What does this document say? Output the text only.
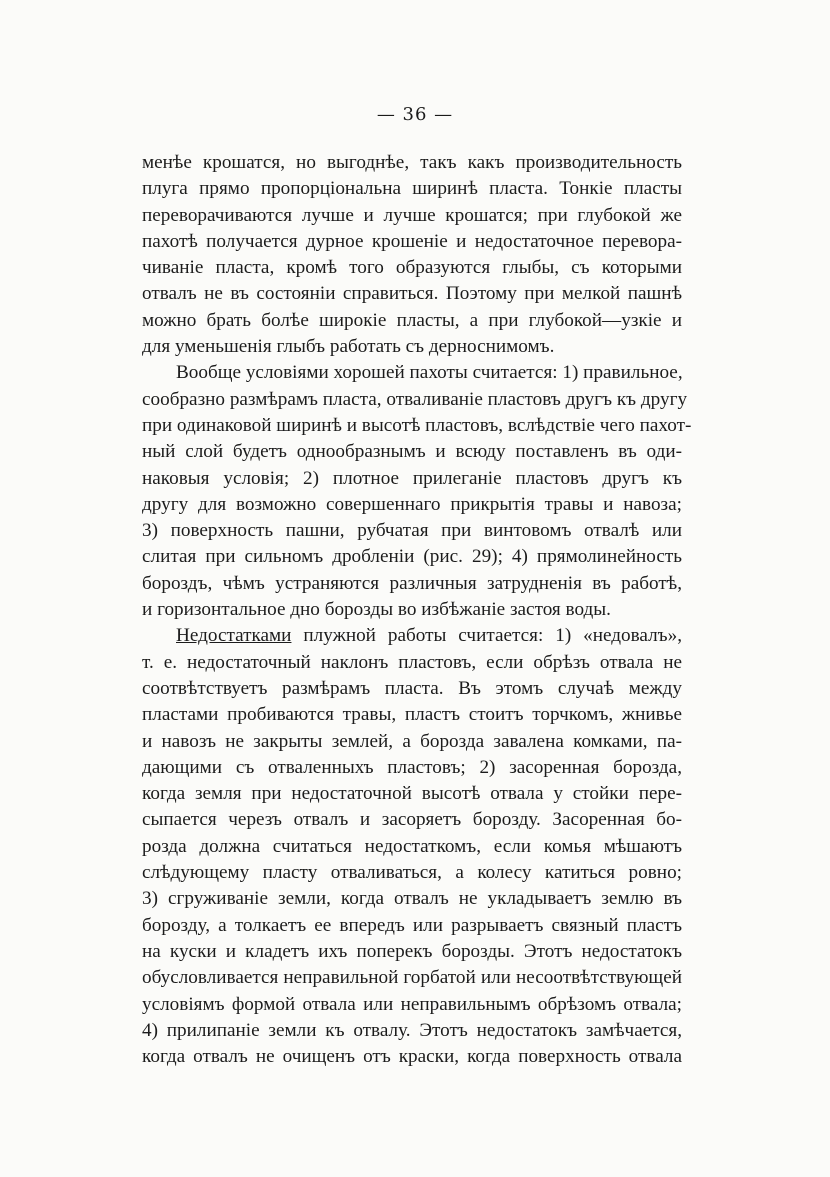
— 36 —
менѣе крошатся, но выгоднѣе, такъ какъ производительность
плуга прямо пропорціональна ширинѣ пласта. Тонкіе пласты
переворачиваются лучше и лучше крошатся; при глубокой же
пахотѣ получается дурное крошеніе и недостаточное переворa-
чиваніе пласта, кромѣ того образуются глыбы, съ которыми
отвалъ не въ состояніи справиться. Поэтому при мелкой пашнѣ
можно брать болѣе широкіе пласты, а при глубокой—узкіе и
для уменьшенія глыбъ работать съ дерноснимомъ.
Вообще условіями хорошей пахоты считается: 1) правильное,
сообразно размѣрамъ пласта, отваливаніе пластовъ другъ къ другу
при одинаковой ширинѣ и высотѣ пластовъ, вслѣдствіе чего пахот-
ный слой будетъ однообразнымъ и всюду поставленъ въ оди-
наковыя условія; 2) плотное прилеганіе пластовъ другъ къ
другу для возможно совершеннаго прикрытія травы и навоза;
3) поверхность пашни, рубчатая при винтовомъ отвалѣ или
слитая при сильномъ дробленіи (рис. 29); 4) прямолинейность
бороздъ, чѣмъ устраняются различныя затрудненія въ работѣ,
и горизонтальное дно борозды во избѣжаніе застоя воды.
Недостатками плужной работы считается: 1) «недовалъ»,
т. е. недостаточный наклонъ пластовъ, если обрѣзъ отвала не
соотвѣтствуетъ размѣрамъ пласта. Въ этомъ случаѣ между
пластами пробиваются травы, пластъ стоитъ торчкомъ, жнивье
и навозъ не закрыты землей, а борозда завалена комками, па-
дающими съ отваленныхъ пластовъ; 2) засоренная борозда,
когда земля при недостаточной высотѣ отвала у стойки пере-
сыпается черезъ отвалъ и засоряетъ борозду. Засоренная бо-
розда должна считаться недостаткомъ, если комья мѣшаютъ
слѣдующему пласту отваливаться, а колесу катиться ровно;
3) сгруживаніе земли, когда отвалъ не укладываетъ землю въ
борозду, а толкаетъ ее впередъ или разрываетъ связный пластъ
на куски и кладетъ ихъ поперекъ борозды. Этотъ недостатокъ
обусловливается неправильной горбатой или несоотвѣтствующей
условіямъ формой отвала или неправильнымъ обрѣзомъ отвала;
4) прилипаніе земли къ отвалу. Этотъ недостатокъ замѣчается,
когда отвалъ не очищенъ отъ краски, когда поверхность отвала
